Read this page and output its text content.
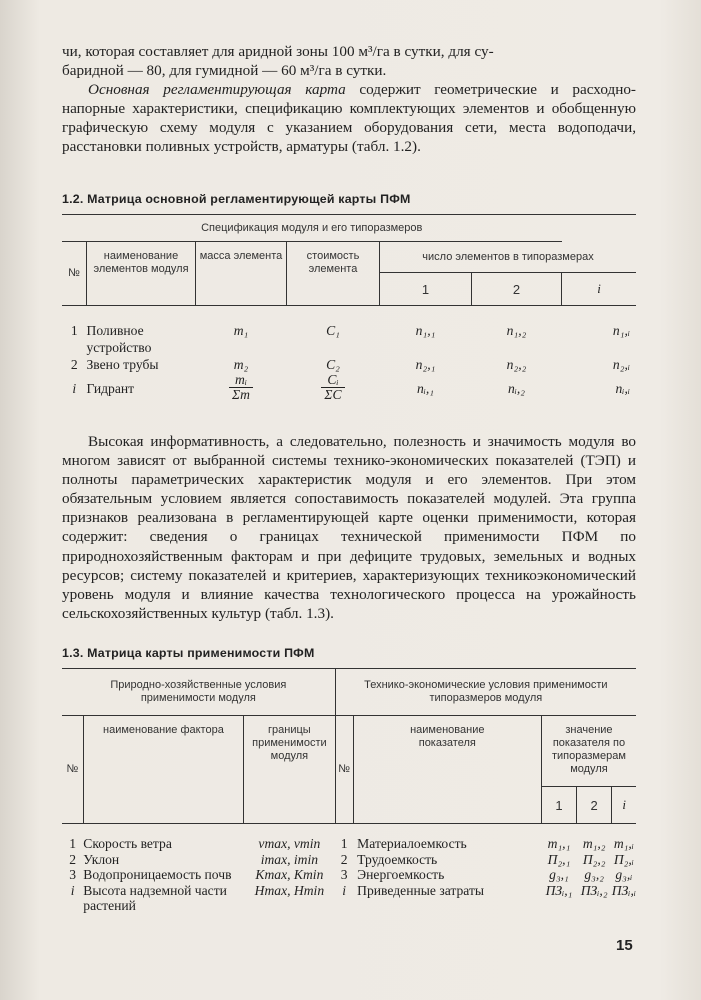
чи, которая составляет для аридной зоны 100 м³/га в сутки, для су-

баридной — 80, для гумидной — 60 м³/га в сутки.

Основная регламентирующая карта содержит геометрические и расходно-напорные характеристики, спецификацию комплектующих элементов и обобщенную графическую схему модуля с указанием оборудования сети, места водоподачи, расстановки поливных устройств, арматуры (табл. 1.2).

1.2. Матрица основной регламентирующей карты ПФМ
Спецификация модуля и его типоразмеров						
№	наименование элементов модуля	масса элемента	стоимость элемента	число элементов в типоразмерах		
				1	2	i

1	Поливное устройство	m₁	C₁	n₁,₁	n₁,₂	n₁,ᵢ
2	Звено трубы	m₂	C₂	n₂,₁	n₂,₂	n₂,ᵢ
i	Гидрант	$\frac{\text{mᵢ}}{\Sigma m}$	$\frac{\text{Cᵢ}}{\Sigma C}$	nᵢ,₁	nᵢ,₂	nᵢ,ᵢ

Высокая информативность, а следовательно, полезность и значимость модуля во многом зависят от выбранной системы технико-экономических показателей (ТЭП) и полноты параметрических характеристик модуля и его элементов. При этом обязательным условием является сопоставимость показателей модулей. Эта группа признаков реализована в регламентирующей карте оценки применимости, которая содержит: сведения о границах технической применимости ПФМ по природнохозяйственным факторам и при дефиците трудовых, земельных и водных ресурсов; систему показателей и критериев, характеризующих техникоэкономический уровень модуля и влияние качества технологического процесса на урожайность сельскохозяйственных культур (табл. 1.3).

1.3. Матрица карты применимости ПФМ
Природно-хозяйственные условия применимости модуля			Технико-экономические условия применимости типоразмеров модуля				
№	наименование фактора	границы применимости модуля	№	наименование показателя	значение показателя по типоразмерам модуля		
					1	2	i

1	Скорость ветра	vmax, vmin	1	Материалоемкость	m₁,₁	m₁,₂	m₁,ᵢ
2	Уклон	imax, imin	2	Трудоемкость	П₂,₁	П₂,₂	П₂,ᵢ
3	Водопроницаемость почв	Kmax, Kmin	3	Энергоемкость	g₃,₁	g₃,₂	g₃,ᵢ
i	Высота надземной части растений	Hmax, Hmin	i	Приведенные затраты	ПЗᵢ,₁	ПЗᵢ,₂	ПЗᵢ,ᵢ
15
